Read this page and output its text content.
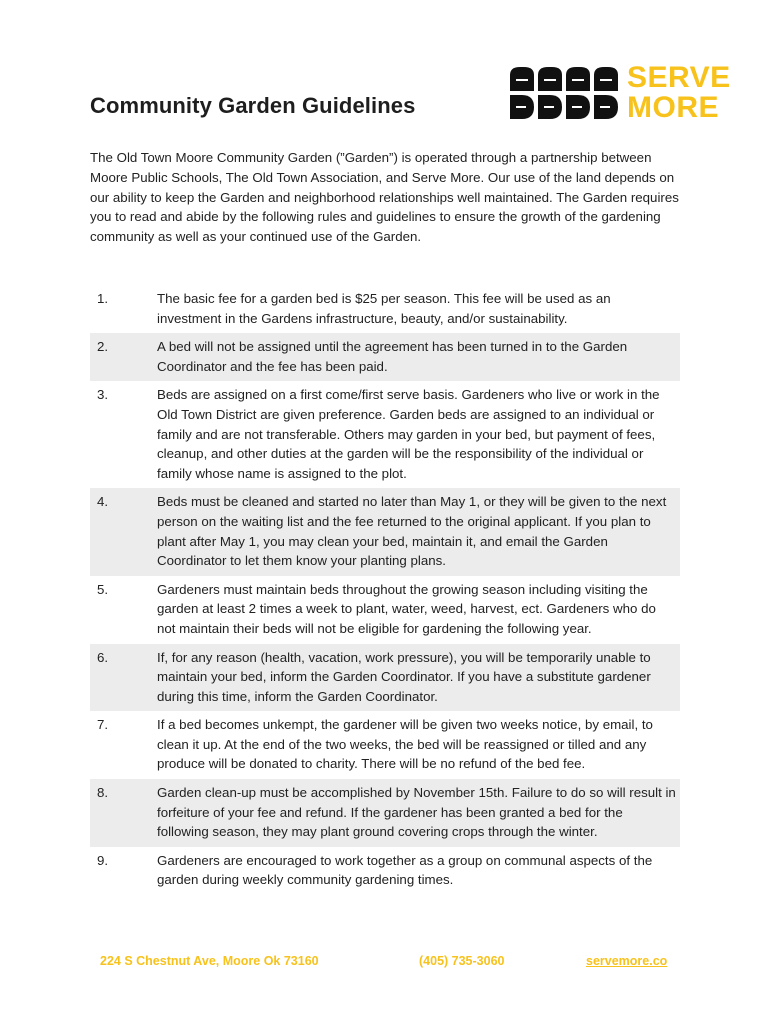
Community Garden Guidelines
SERVE
MORE

The Old Town Moore Community Garden (”Garden”) is operated through a partnership between Moore Public Schools, The Old Town Association, and Serve More. Our use of the land depends on our ability to keep the Garden and neighborhood relationships well maintained. The Garden requires you to read and abide by the following rules and guidelines to ensure the growth of the gardening community as well as your continued use of the Garden.

1.	The basic fee for a garden bed is $25 per season. This fee will be used as an investment in the Gardens infrastructure, beauty, and/or sustainability.
2.	A bed will not be assigned until the agreement has been turned in to the Garden Coordinator and the fee has been paid.
3.	Beds are assigned on a first come/first serve basis. Gardeners who live or work in the Old Town District are given preference. Garden beds are assigned to an individual or family and are not transferable. Others may garden in your bed, but payment of fees, cleanup, and other duties at the garden will be the responsibility of the individual or family whose name is assigned to the plot.
4.	Beds must be cleaned and started no later than May 1, or they will be given to the next person on the waiting list and the fee returned to the original applicant. If you plan to plant after May 1, you may clean your bed, maintain it, and email the Garden Coordinator to let them know your planting plans.
5.	Gardeners must maintain beds throughout the growing season including visiting the garden at least 2 times a week to plant, water, weed, harvest, ect. Gardeners who do not maintain their beds will not be eligible for gardening the following year.
6.	If, for any reason (health, vacation, work pressure), you will be temporarily unable to maintain your bed, inform the Garden Coordinator. If you have a substitute gardener during this time, inform the Garden Coordinator.
7.	If a bed becomes unkempt, the gardener will be given two weeks notice, by email, to clean it up. At the end of the two weeks, the bed will be reassigned or tilled and any produce will be donated to charity. There will be no refund of the bed fee.
8.	Garden clean-up must be accomplished by November 15th. Failure to do so will result in forfeiture of your fee and refund. If the gardener has been granted a bed for the following season, they may plant ground covering crops through the winter.
9.	Gardeners are encouraged to work together as a group on communal aspects of the garden during weekly community gardening times.
224 S Chestnut Ave, Moore Ok 73160	(405) 735-3060	servemore.co
